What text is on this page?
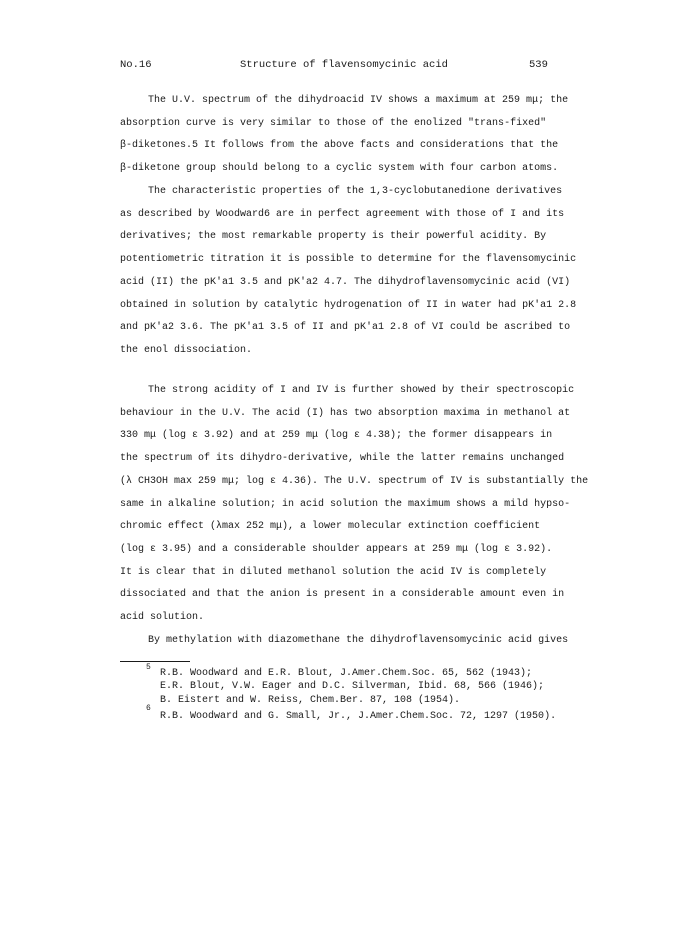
No.16	Structure of flavensomycinic acid	539
The U.V. spectrum of the dihydroacid IV shows a maximum at 259 mμ; the
absorption curve is very similar to those of the enolized "trans-fixed"
β-diketones.5 It follows from the above facts and considerations that the
β-diketone group should belong to a cyclic system with four carbon atoms.
The characteristic properties of the 1,3-cyclobutanedione derivatives
as described by Woodward6 are in perfect agreement with those of I and its
derivatives; the most remarkable property is their powerful acidity. By
potentiometric titration it is possible to determine for the flavensomycinic
acid (II) the pK'a1 3.5 and pK'a2 4.7. The dihydroflavensomycinic acid (VI)
obtained in solution by catalytic hydrogenation of II in water had pK'a1 2.8
and pK'a2 3.6. The pK'a1 3.5 of II and pK'a1 2.8 of VI could be ascribed to
the enol dissociation.
The strong acidity of I and IV is further showed by their spectroscopic
behaviour in the U.V. The acid (I) has two absorption maxima in methanol at
330 mμ (log ε 3.92) and at 259 mμ (log ε 4.38); the former disappears in
the spectrum of its dihydro-derivative, while the latter remains unchanged
(λ CH3OH max 259 mμ; log ε 4.36). The U.V. spectrum of IV is substantially the
same in alkaline solution; in acid solution the maximum shows a mild hypso-
chromic effect (λmax 252 mμ), a lower molecular extinction coefficient
(log ε 3.95) and a considerable shoulder appears at 259 mμ (log ε 3.92).
It is clear that in diluted methanol solution the acid IV is completely
dissociated and that the anion is present in a considerable amount even in
acid solution.
By methylation with diazomethane the dihydroflavensomycinic acid gives
5
R.B. Woodward and E.R. Blout, J.Amer.Chem.Soc. 65, 562 (1943);
E.R. Blout, V.W. Eager and D.C. Silverman, Ibid. 68, 566 (1946);
B. Eistert and W. Reiss, Chem.Ber. 87, 108 (1954).
6
R.B. Woodward and G. Small, Jr., J.Amer.Chem.Soc. 72, 1297 (1950).
